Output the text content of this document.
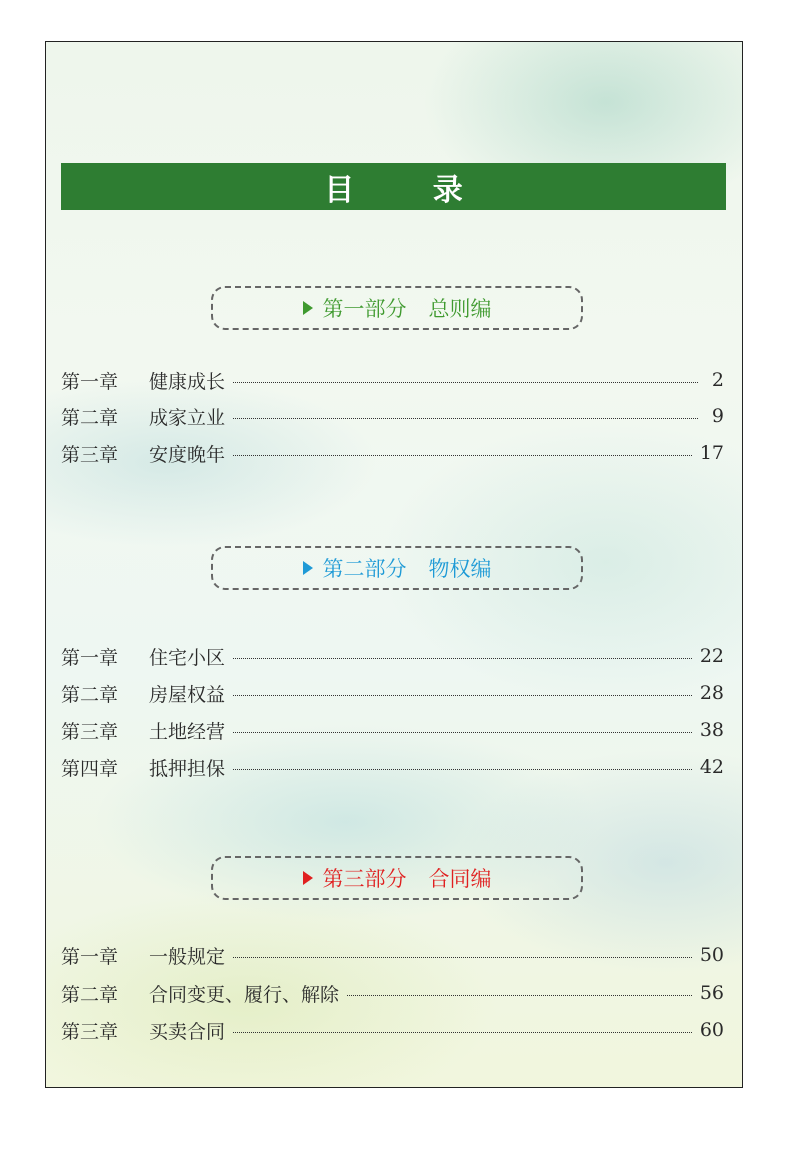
目 录
第一部分 总则编
第一章	健康成长	2
第二章	成家立业	9
第三章	安度晚年	17
第二部分 物权编
第一章	住宅小区	22
第二章	房屋权益	28
第三章	土地经营	38
第四章	抵押担保	42
第三部分 合同编
第一章	一般规定	50
第二章	合同变更、履行、解除	56
第三章	买卖合同	60
